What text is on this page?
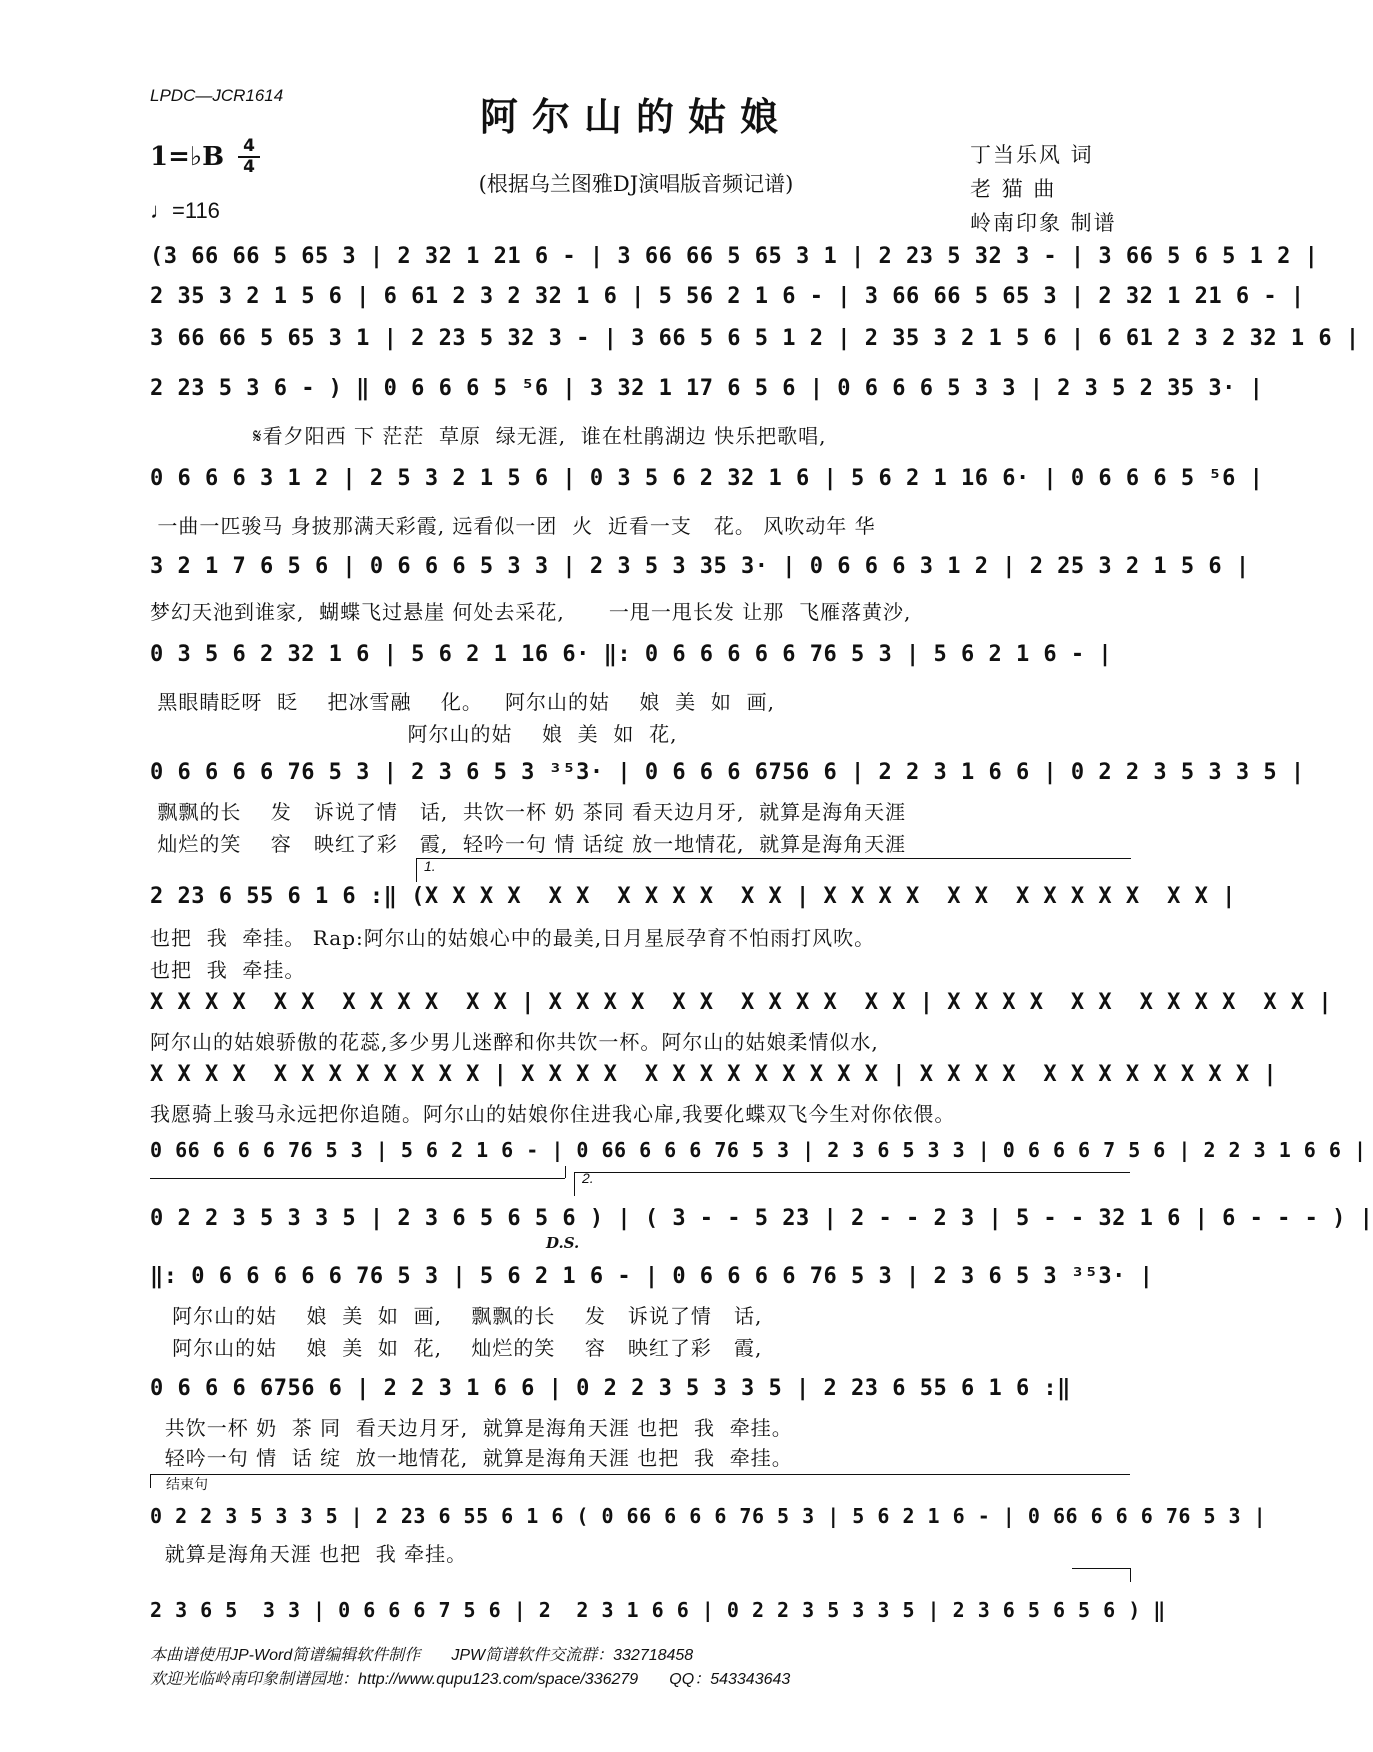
LPDC—JCR1614	阿尔山的姑娘
(根据乌兰图雅DJ演唱版音频记谱)
1=♭B 4
4
♩=116
丁当乐风 词
老 猫 曲
岭南印象 制谱
(3 66 66 5 65 3 | 2 32 1 21 6 - | 3 66 66 5 65 3 1 | 2 23 5 32 3 - | 3 66 5 6 5 1 2 |
2 35 3 2 1 5 6 | 6 61 2 3 2 32 1 6 | 5 56 2 1 6 - | 3 66 66 5 65 3 | 2 32 1 21 6 - |
3 66 66 5 65 3 1 | 2 23 5 32 3 - | 3 66 5 6 5 1 2 | 2 35 3 2 1 5 6 | 6 61 2 3 2 32 1 6 |
2 23 5 3 6 - ) ‖ 0 6 6 6 5 ⁵6 | 3 32 1 17 6 5 6 | 0 6 6 6 5 3 3 | 2 3 5 2 35 3· |
𝄋看夕阳西 下 茫茫  草原  绿无涯,  谁在杜鹃湖边 快乐把歌唱,
0 6 6 6 3 1 2 | 2 5 3 2 1 5 6 | 0 3 5 6 2 32 1 6 | 5 6 2 1 16 6· | 0 6 6 6 5 ⁵6 |
一曲一匹骏马 身披那满天彩霞, 远看似一团  火  近看一支   花。 风吹动年 华
3 2 1 7 6 5 6 | 0 6 6 6 5 3 3 | 2 3 5 3 35 3· | 0 6 6 6 3 1 2 | 2 25 3 2 1 5 6 |
梦幻天池到谁家,  蝴蝶飞过悬崖 何处去采花,      一甩一甩长发 让那  飞雁落黄沙,
0 3 5 6 2 32 1 6 | 5 6 2 1 16 6· ‖: 0 6 6 6 6 6 76 5 3 | 5 6 2 1 6 - |
黑眼睛眨呀  眨    把冰雪融    化。   阿尔山的姑    娘  美  如  画,
阿尔山的姑    娘  美  如  花,
0 6 6 6 6 76 5 3 | 2 3 6 5 3 ³⁵3· | 0 6 6 6 6756 6 | 2 2 3 1 6 6 | 0 2 2 3 5 3 3 5 |
飘飘的长    发   诉说了情   话,  共饮一杯 奶 茶同 看天边月牙,  就算是海角天涯
灿烂的笑    容   映红了彩   霞,  轻吟一句 情 话绽 放一地情花,  就算是海角天涯
1.
2 23 6 55 6 1 6 :‖ (X X X X  X X  X X X X  X X | X X X X  X X  X X X X X  X X |
也把  我  牵挂。 Rap:阿尔山的姑娘心中的最美,日月星辰孕育不怕雨打风吹。
也把  我  牵挂。
X X X X  X X  X X X X  X X | X X X X  X X  X X X X  X X | X X X X  X X  X X X X  X X |
阿尔山的姑娘骄傲的花蕊,多少男儿迷醉和你共饮一杯。阿尔山的姑娘柔情似水,
X X X X  X X X X X X X X | X X X X  X X X X X X X X X | X X X X  X X X X X X X X |
我愿骑上骏马永远把你追随。阿尔山的姑娘你住进我心扉,我要化蝶双飞今生对你依偎。
0 66 6 6 6 76 5 3 | 5 6 2 1 6 - | 0 66 6 6 6 76 5 3 | 2 3 6 5 3 3 | 0 6 6 6 7 5 6 | 2 2 3 1 6 6 |
2.
0 2 2 3 5 3 3 5 | 2 3 6 5 6 5 6 ) | ( 3 - - 5 23 | 2 - - 2 3 | 5 - - 32 1 6 | 6 - - - ) |
D.S.
‖: 0 6 6 6 6 6 76 5 3 | 5 6 2 1 6 - | 0 6 6 6 6 76 5 3 | 2 3 6 5 3 ³⁵3· |
阿尔山的姑    娘  美  如  画,    飘飘的长    发   诉说了情   话,
阿尔山的姑    娘  美  如  花,    灿烂的笑    容   映红了彩   霞,
0 6 6 6 6756 6 | 2 2 3 1 6 6 | 0 2 2 3 5 3 3 5 | 2 23 6 55 6 1 6 :‖
共饮一杯 奶  茶 同  看天边月牙,  就算是海角天涯 也把  我  牵挂。
轻吟一句 情  话 绽  放一地情花,  就算是海角天涯 也把  我  牵挂。
结束句
0 2 2 3 5 3 3 5 | 2 23 6 55 6 1 6 ( 0 66 6 6 6 76 5 3 | 5 6 2 1 6 - | 0 66 6 6 6 76 5 3 |
就算是海角天涯 也把  我 牵挂。
2 3 6 5  3 3 | 0 6 6 6 7 5 6 | 2  2 3 1 6 6 | 0 2 2 3 5 3 3 5 | 2 3 6 5 6 5 6 ) ‖
本曲谱使用JP-Word简谱编辑软件制作       JPW简谱软件交流群：332718458
欢迎光临岭南印象制谱园地：http://www.qupu123.com/space/336279       QQ：543343643
